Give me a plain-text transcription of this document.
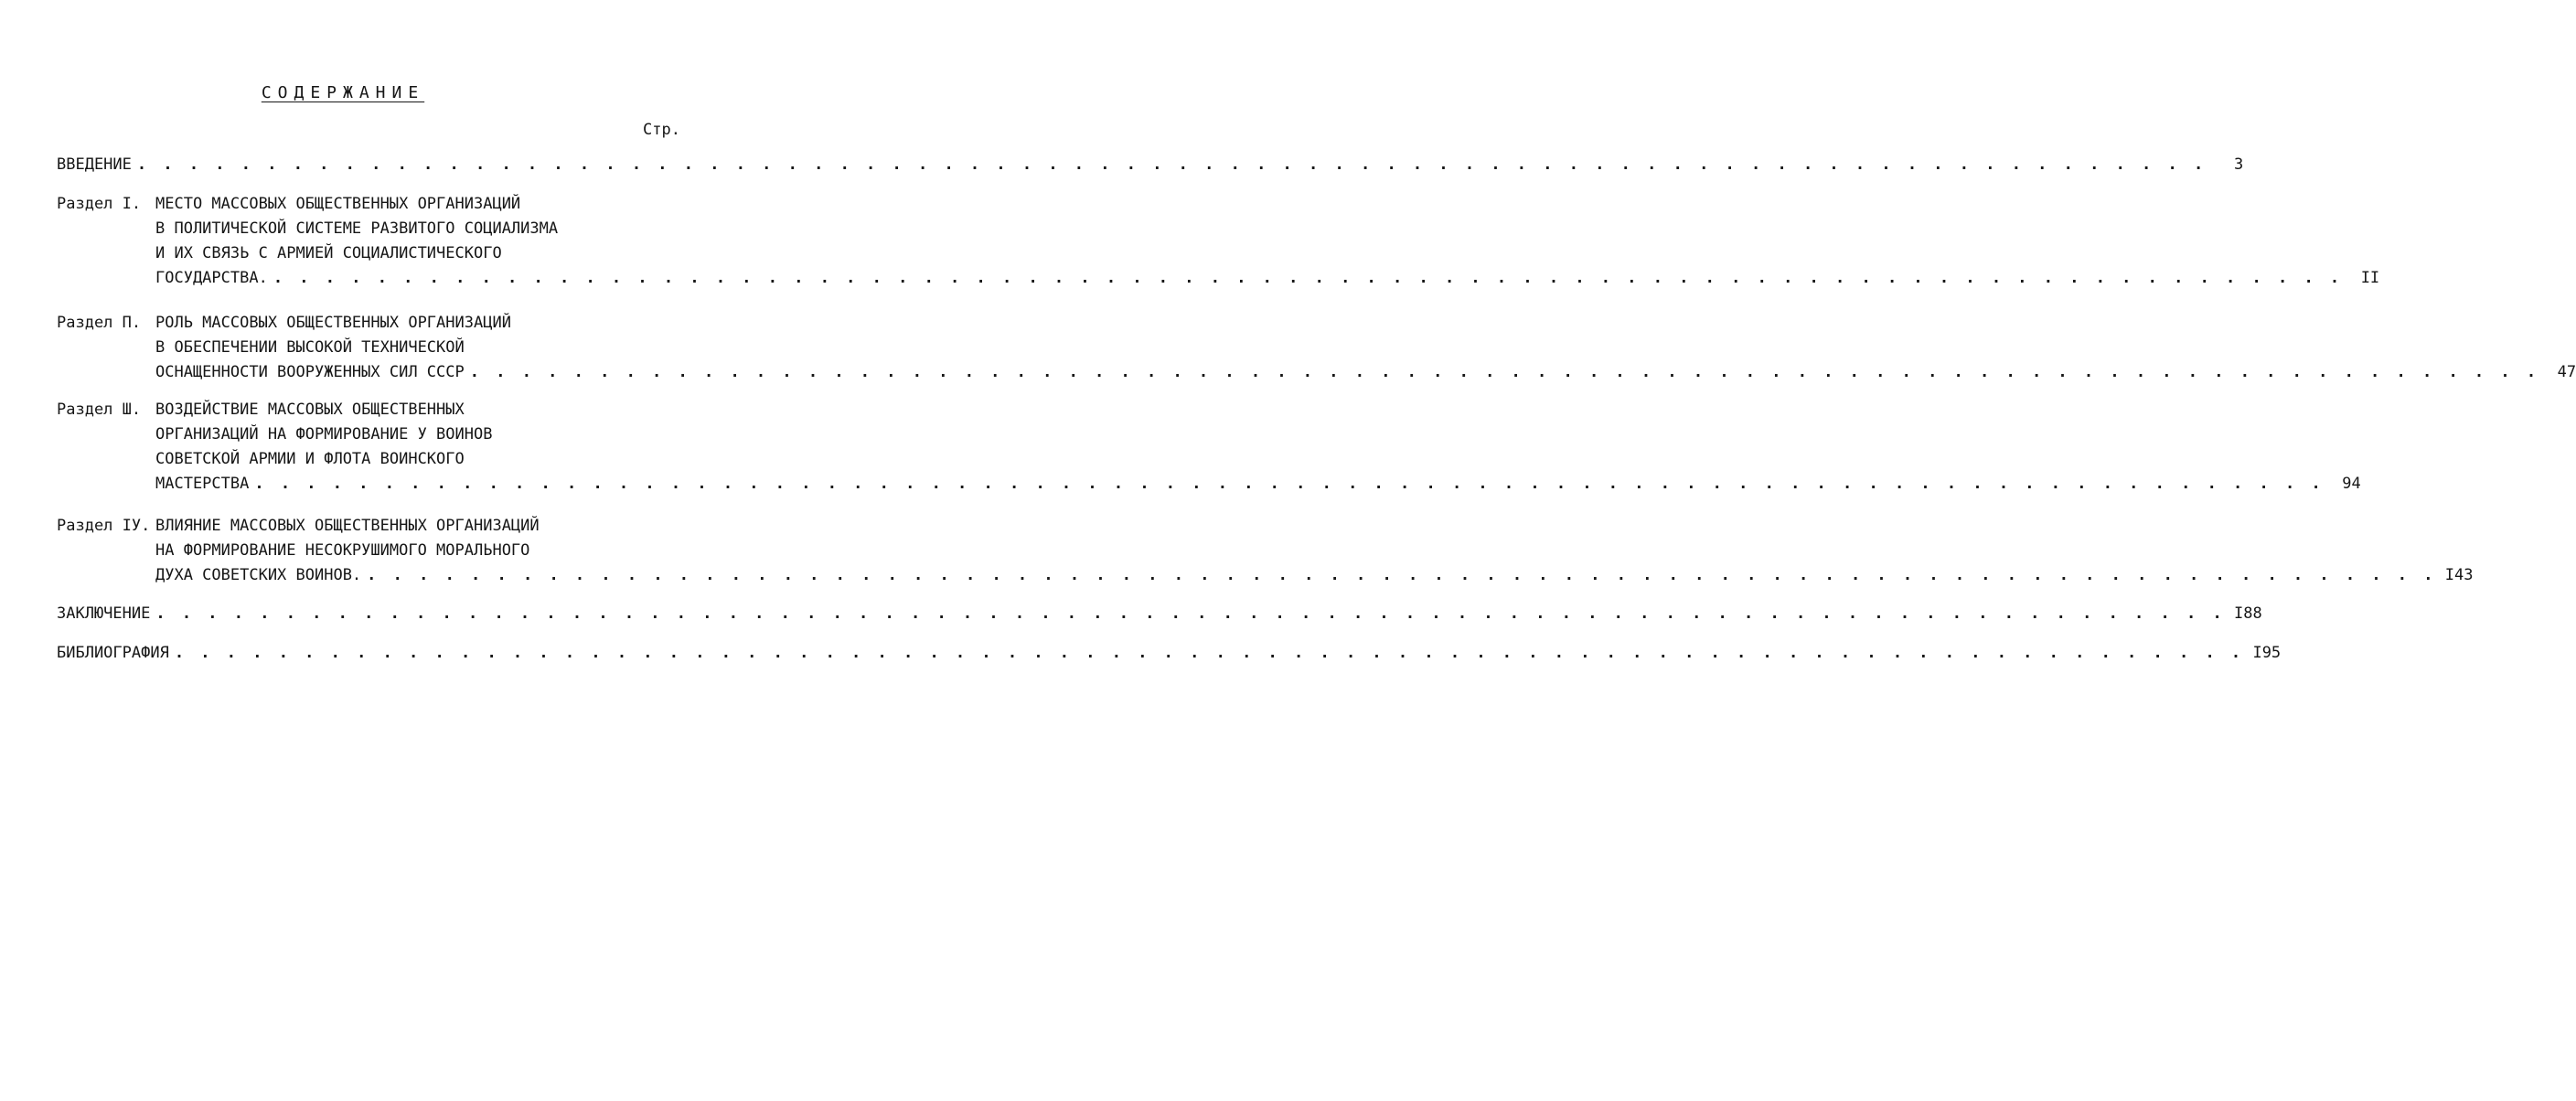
СОДЕРЖАНИЕ
Стр.
ВВЕДЕНИЕ . . . . . . . . . . . . . . . . . . . . . . . . . . . . . . . . . . . . . . . . . . . . . . . . . . . . . . . . . . . . . . . . . . . . . . . . . . . . . . . .	3
Раздел I. МЕСТО МАССОВЫХ ОБЩЕСТВЕННЫХ ОРГАНИЗАЦИЙ
В ПОЛИТИЧЕСКОЙ СИСТЕМЕ РАЗВИТОГО СОЦИАЛИЗМА
И ИХ СВЯЗЬ С АРМИЕЙ СОЦИАЛИСТИЧЕСКОГО
ГОСУДАРСТВА. . . . . . . . . . . . . . . . . . . . . . . . . . . . . . . . . . . . . . . . . . . . . . . . . . . . . . . . . . . . . . . . . . . . . . . . . . . . . . . . .	II
Раздел П. РОЛЬ МАССОВЫХ ОБЩЕСТВЕННЫХ ОРГАНИЗАЦИЙ
В ОБЕСПЕЧЕНИИ ВЫСОКОЙ ТЕХНИЧЕСКОЙ
ОСНАЩЕННОСТИ ВООРУЖЕННЫХ СИЛ СССР . . . . . . . . . . . . . . . . . . . . . . . . . . . . . . . . . . . . . . . . . . . . . . . . . . . . . . . . . . . . . . . . . . . . . . . . . . . . . . . .	47
Раздел Ш. ВОЗДЕЙСТВИЕ МАССОВЫХ ОБЩЕСТВЕННЫХ
ОРГАНИЗАЦИЙ НА ФОРМИРОВАНИЕ У ВОИНОВ
СОВЕТСКОЙ АРМИИ И ФЛОТА ВОИНСКОГО
МАСТЕРСТВА . . . . . . . . . . . . . . . . . . . . . . . . . . . . . . . . . . . . . . . . . . . . . . . . . . . . . . . . . . . . . . . . . . . . . . . . . . . . . . . .	94
Раздел IУ. ВЛИЯНИЕ МАССОВЫХ ОБЩЕСТВЕННЫХ ОРГАНИЗАЦИЙ
НА ФОРМИРОВАНИЕ НЕСОКРУШИМОГО МОРАЛЬНОГО
ДУХА СОВЕТСКИХ ВОИНОВ. . . . . . . . . . . . . . . . . . . . . . . . . . . . . . . . . . . . . . . . . . . . . . . . . . . . . . . . . . . . . . . . . . . . . . . . . . . . . . . . . I43
ЗАКЛЮЧЕНИЕ . . . . . . . . . . . . . . . . . . . . . . . . . . . . . . . . . . . . . . . . . . . . . . . . . . . . . . . . . . . . . . . . . . . . . . . . . . . . . . . . I88
БИБЛИОГРАФИЯ . . . . . . . . . . . . . . . . . . . . . . . . . . . . . . . . . . . . . . . . . . . . . . . . . . . . . . . . . . . . . . . . . . . . . . . . . . . . . . . . I95
